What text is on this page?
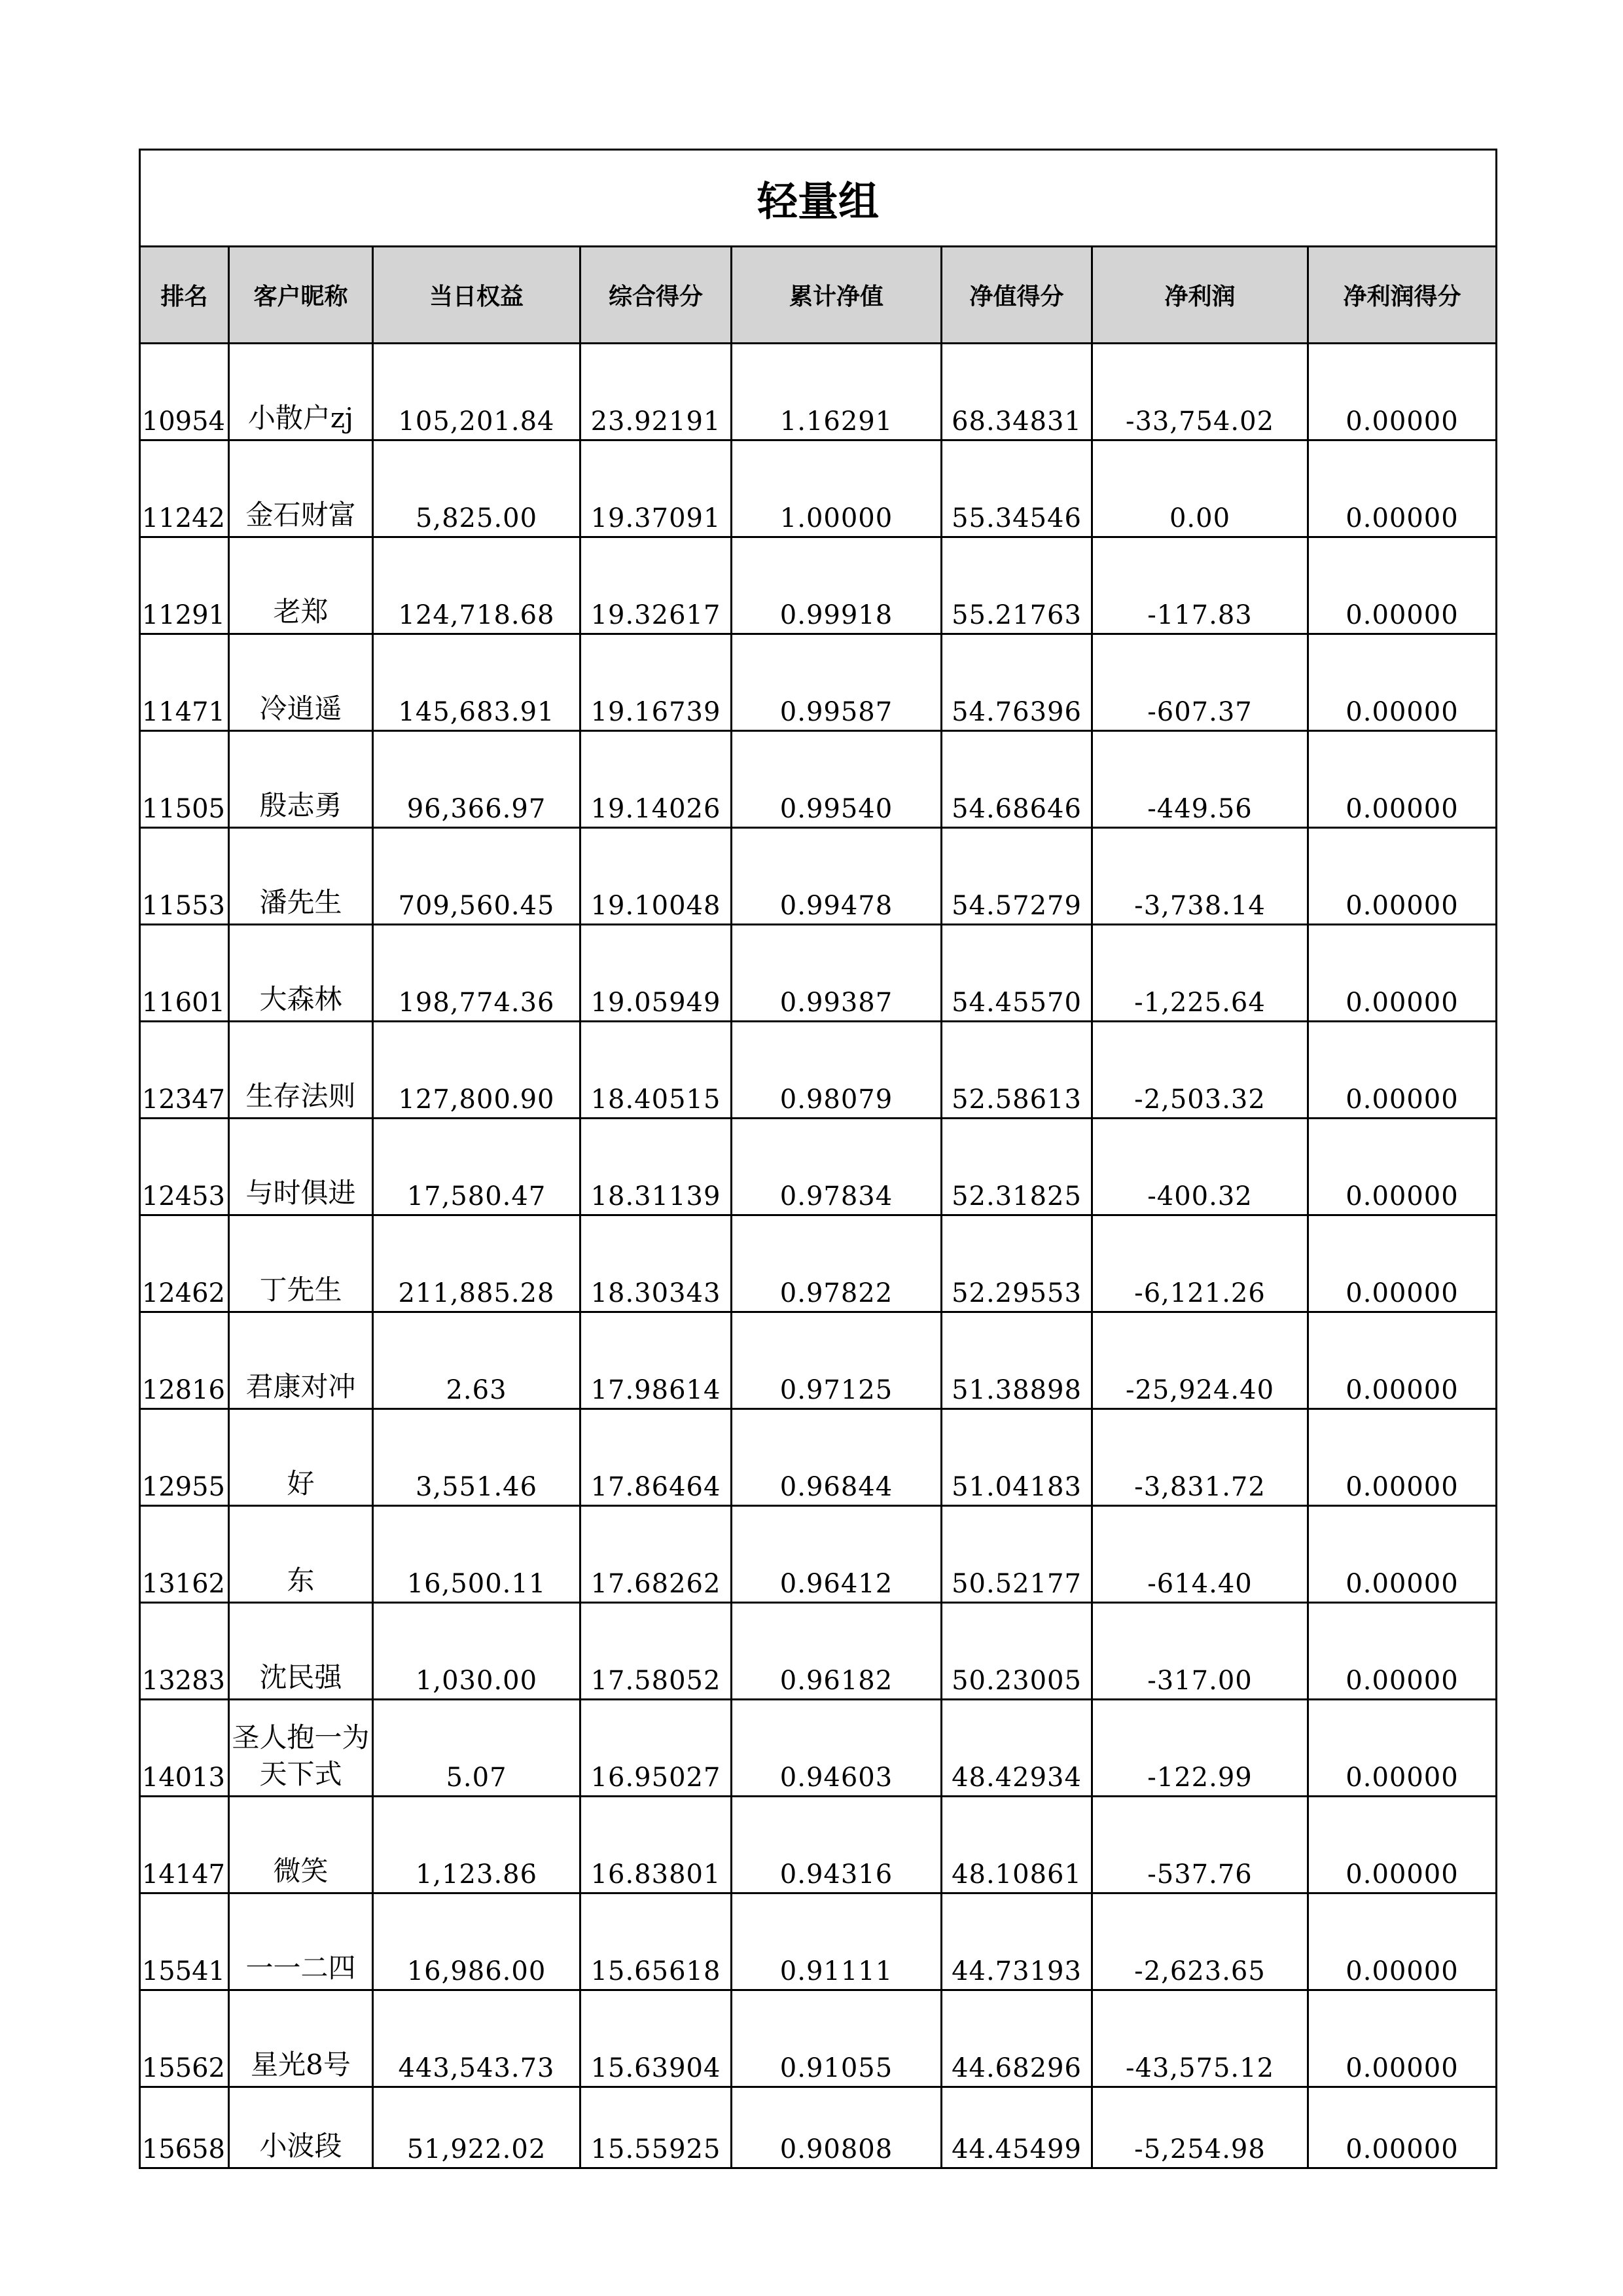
轻量组							
排名	客户昵称	当日权益	综合得分	累计净值	净值得分	净利润	净利润得分
10954	小散户zj	105,201.84	23.92191	1.16291	68.34831	-33,754.02	0.00000
11242	金石财富	5,825.00	19.37091	1.00000	55.34546	0.00	0.00000
11291	老郑	124,718.68	19.32617	0.99918	55.21763	-117.83	0.00000
11471	冷逍遥	145,683.91	19.16739	0.99587	54.76396	-607.37	0.00000
11505	殷志勇	96,366.97	19.14026	0.99540	54.68646	-449.56	0.00000
11553	潘先生	709,560.45	19.10048	0.99478	54.57279	-3,738.14	0.00000
11601	大森林	198,774.36	19.05949	0.99387	54.45570	-1,225.64	0.00000
12347	生存法则	127,800.90	18.40515	0.98079	52.58613	-2,503.32	0.00000
12453	与时俱进	17,580.47	18.31139	0.97834	52.31825	-400.32	0.00000
12462	丁先生	211,885.28	18.30343	0.97822	52.29553	-6,121.26	0.00000
12816	君康对冲	2.63	17.98614	0.97125	51.38898	-25,924.40	0.00000
12955	好	3,551.46	17.86464	0.96844	51.04183	-3,831.72	0.00000
13162	东	16,500.11	17.68262	0.96412	50.52177	-614.40	0.00000
13283	沈民强	1,030.00	17.58052	0.96182	50.23005	-317.00	0.00000
14013	圣人抱一为天下式	5.07	16.95027	0.94603	48.42934	-122.99	0.00000
14147	微笑	1,123.86	16.83801	0.94316	48.10861	-537.76	0.00000
15541	一一二四	16,986.00	15.65618	0.91111	44.73193	-2,623.65	0.00000
15562	星光8号	443,543.73	15.63904	0.91055	44.68296	-43,575.12	0.00000
15658	小波段	51,922.02	15.55925	0.90808	44.45499	-5,254.98	0.00000
